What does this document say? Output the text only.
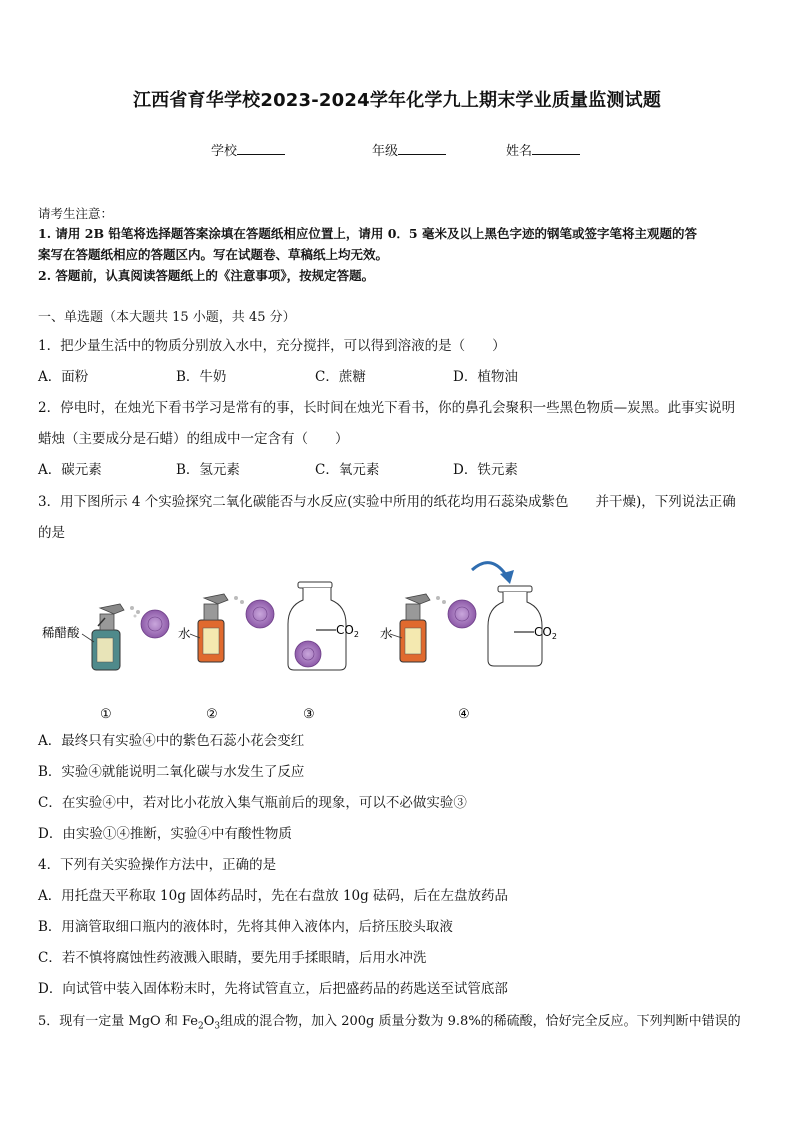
江西省育华学校2023-2024学年化学九上期末学业质量监测试题
学校	年级	姓名
请考生注意：
1. 请用 2B 铅笔将选择题答案涂填在答题纸相应位置上，请用 0．5 毫米及以上黑色字迹的钢笔或签字笔将主观题的答
案写在答题纸相应的答题区内。写在试题卷、草稿纸上均无效。
2. 答题前，认真阅读答题纸上的《注意事项》，按规定答题。
一、单选题（本大题共 15 小题，共 45 分）
1．把少量生活中的物质分别放入水中，充分搅拌，可以得到溶液的是（　　）
A．面粉	B．牛奶	C．蔗糖	D．植物油
2．停电时，在烛光下看书学习是常有的事，长时间在烛光下看书，你的鼻孔会聚积一些黑色物质—炭黑。此事实说明
蜡烛（主要成分是石蜡）的组成中一定含有（　　）
A．碳元素	B．氢元素	C．氧元素	D．铁元素
3．用下图所示 4 个实验探究二氧化碳能否与水反应(实验中所用的纸花均用石蕊染成紫色　　并干燥)，下列说法正确
的是
稀醋酸	水	$CO_2$ 水	$CO_2$
①	②	③	④
A．最终只有实验④中的紫色石蕊小花会变红
B．实验④就能说明二氧化碳与水发生了反应
C．在实验④中，若对比小花放入集气瓶前后的现象，可以不必做实验③
D．由实验①④推断，实验④中有酸性物质
4．下列有关实验操作方法中，正确的是
A．用托盘天平称取 10g 固体药品时，先在右盘放 10g 砝码，后在左盘放药品
B．用滴管取细口瓶内的液体时，先将其伸入液体内，后挤压胶头取液
C．若不慎将腐蚀性药液溅入眼睛，要先用手揉眼睛，后用水冲洗
D．向试管中装入固体粉末时，先将试管直立，后把盛药品的药匙送至试管底部
5．现有一定量 MgO 和 $Fe_2O_3$组成的混合物，加入 200g 质量分数为 9.8%的稀硫酸，恰好完全反应。下列判断中错误的
